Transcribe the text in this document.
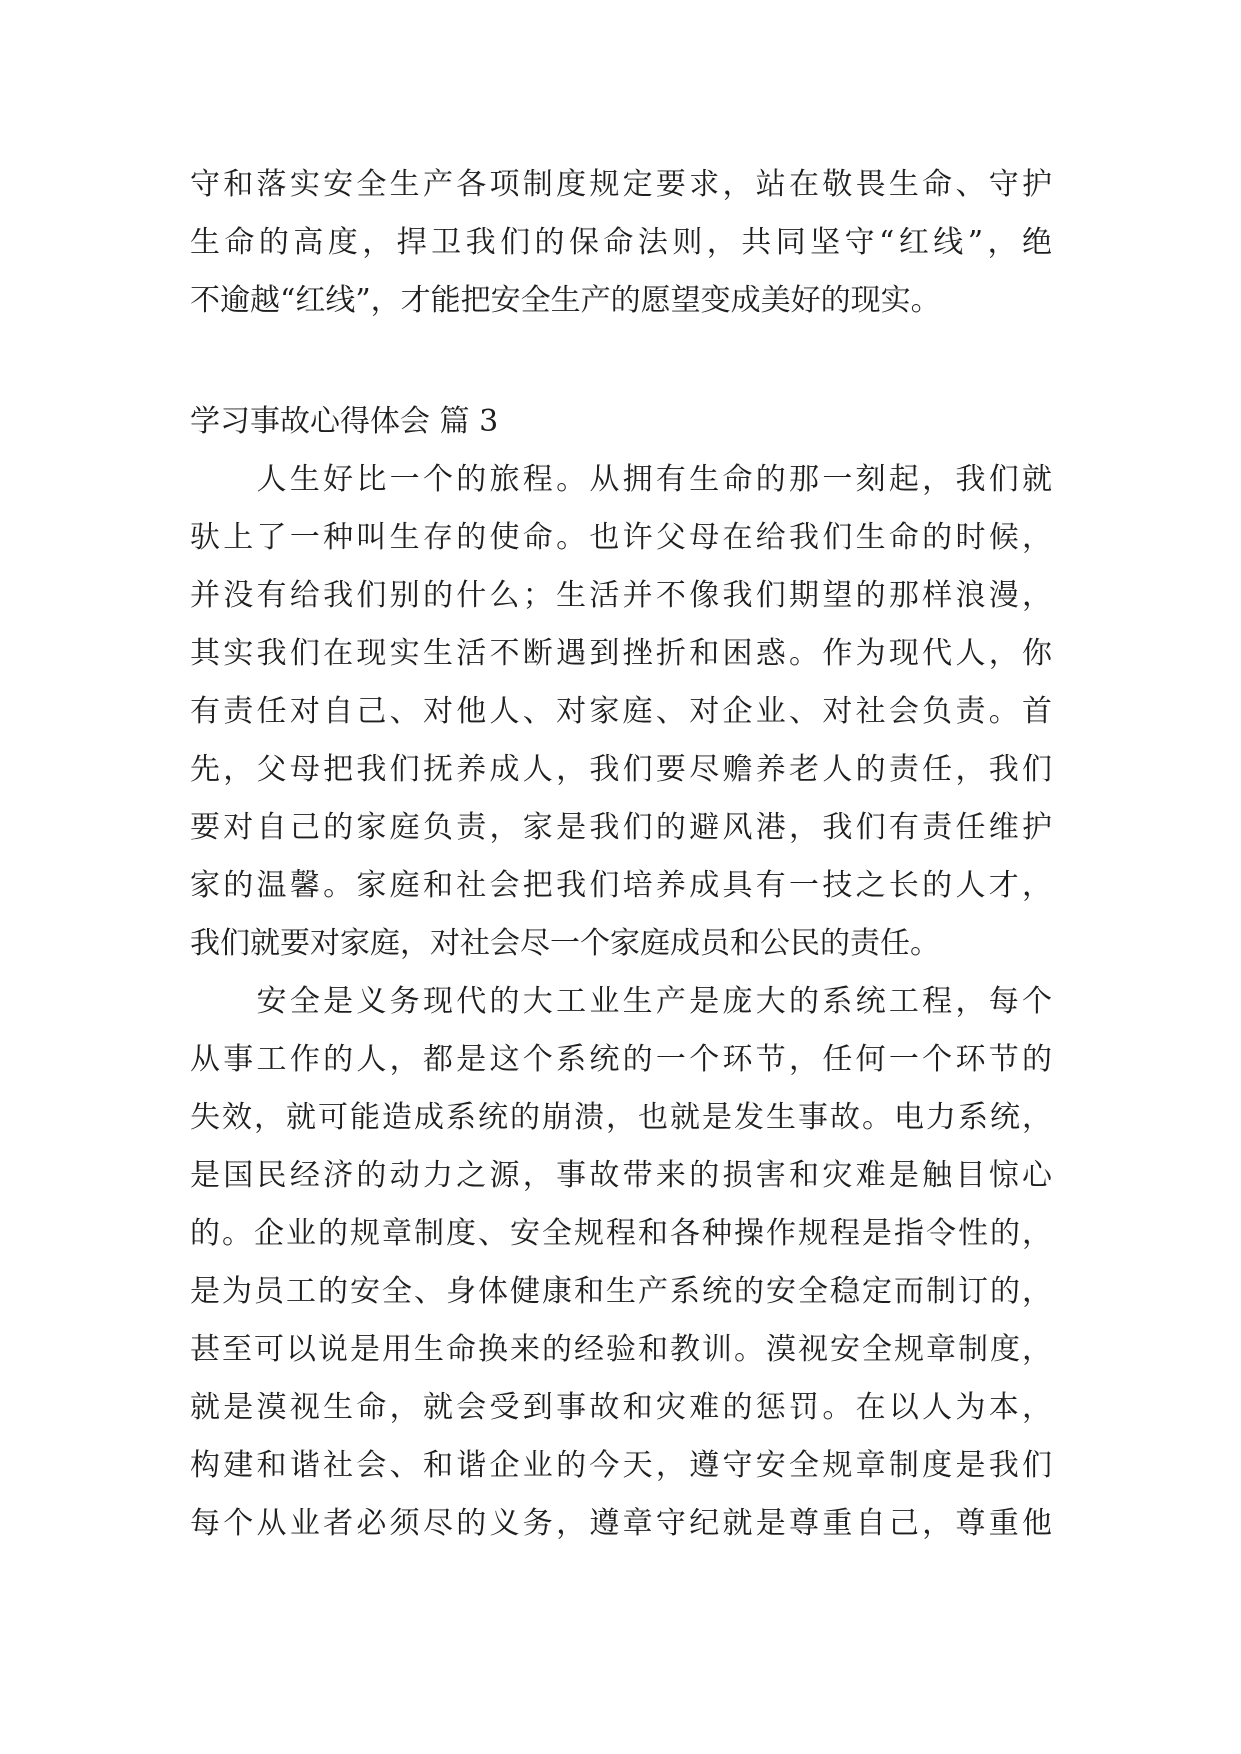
守和落实安全生产各项制度规定要求，站在敬畏生命、守护
生命的高度，捍卫我们的保命法则，共同坚守“红线”，绝
不逾越“红线”，才能把安全生产的愿望变成美好的现实。
学习事故心得体会 篇 3
　　人生好比一个的旅程。从拥有生命的那一刻起，我们就
驮上了一种叫生存的使命。也许父母在给我们生命的时候，
并没有给我们别的什么；生活并不像我们期望的那样浪漫，
其实我们在现实生活不断遇到挫折和困惑。作为现代人，你
有责任对自己、对他人、对家庭、对企业、对社会负责。首
先，父母把我们抚养成人，我们要尽赡养老人的责任，我们
要对自己的家庭负责，家是我们的避风港，我们有责任维护
家的温馨。家庭和社会把我们培养成具有一技之长的人才，
我们就要对家庭，对社会尽一个家庭成员和公民的责任。
　　安全是义务现代的大工业生产是庞大的系统工程，每个
从事工作的人，都是这个系统的一个环节，任何一个环节的
失效，就可能造成系统的崩溃，也就是发生事故。电力系统，
是国民经济的动力之源，事故带来的损害和灾难是触目惊心
的。企业的规章制度、安全规程和各种操作规程是指令性的，
是为员工的安全、身体健康和生产系统的安全稳定而制订的，
甚至可以说是用生命换来的经验和教训。漠视安全规章制度，
就是漠视生命，就会受到事故和灾难的惩罚。在以人为本，
构建和谐社会、和谐企业的今天，遵守安全规章制度是我们
每个从业者必须尽的义务，遵章守纪就是尊重自己，尊重他
